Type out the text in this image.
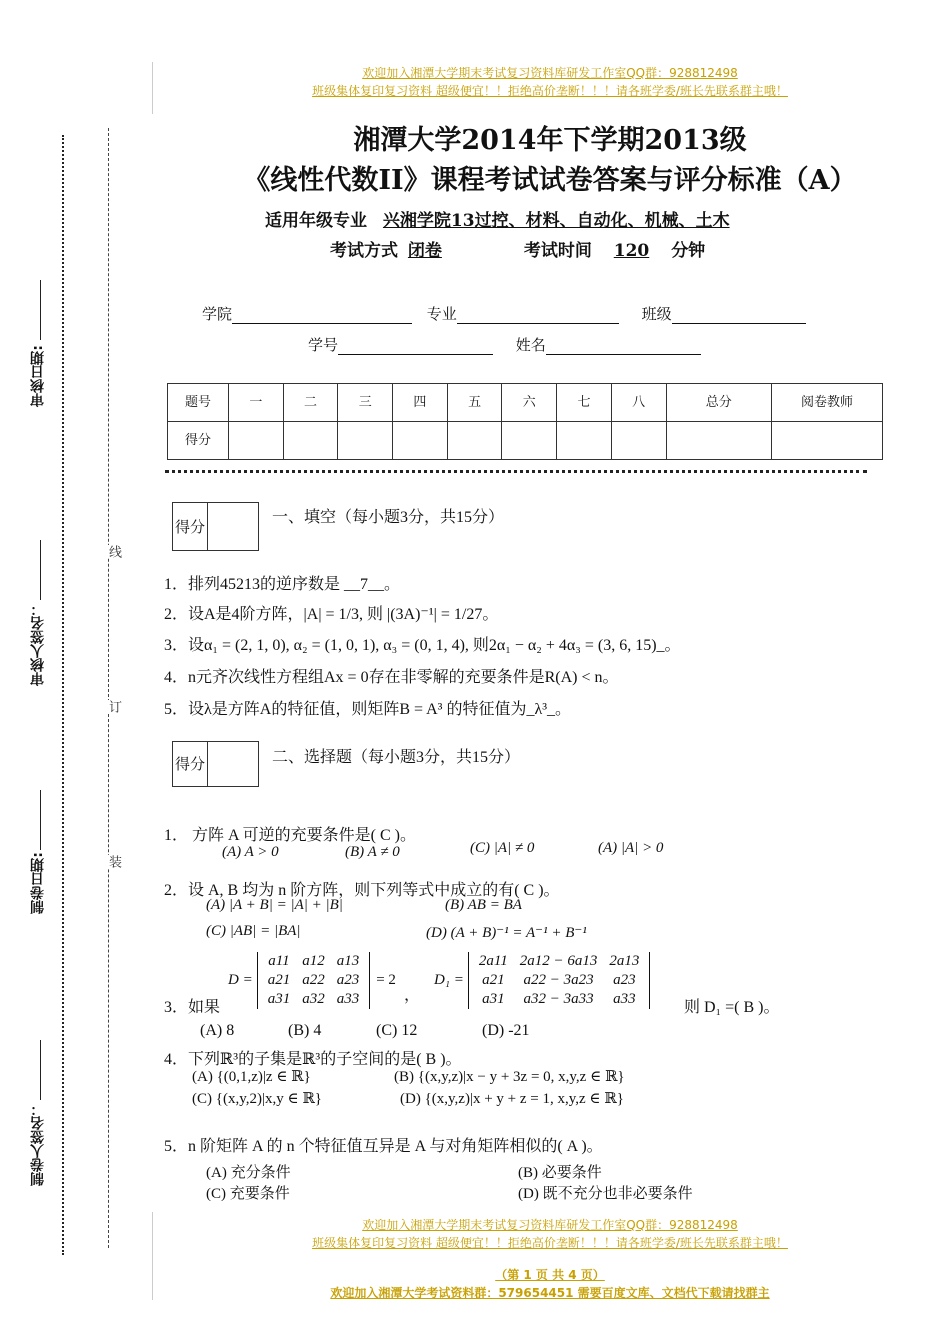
审核日期:
审核人签名：
制卷日期:
制卷人签名：
线
订
装
欢迎加入湘潭大学期末考试复习资料库研发工作室QQ群：928812498
班级集体复印复习资料 超级便宜！！拒绝高价垄断！！！请各班学委/班长先联系群主哦！
湘潭大学2014年下学期2013级
《线性代数II》课程考试试卷答案与评分标准（A）
适用年级专业 兴湘学院13过控、材料、自动化、机械、土木
考试方式 闭卷	考试时间 120 分钟
学院	专业	班级
学号	姓名
题号	一	二	三	四	五	六	七	八	总分	阅卷教师
得分										
得分	一、填空（每小题3分，共15分）
1．排列45213的逆序数是 __7__。
2．设A是4阶方阵，|A| = 1/3, 则 |(3A)⁻¹| = 1/27。
3．设α₁ = (2, 1, 0), α₂ = (1, 0, 1), α₃ = (0, 1, 4), 则2α₁ − α₂ + 4α₃ = (3, 6, 15)_。
4．n元齐次线性方程组Ax = 0存在非零解的充要条件是R(A) < n。
5．设λ是方阵A的特征值，则矩阵B = A³ 的特征值为_λ³_。
得分	二、选择题（每小题3分，共15分）
1． 方阵 A 可逆的充要条件是( C )。
(A) A > 0	(B) A ≠ 0	(C) |A| ≠ 0	(A) |A| > 0
2．设 A, B 均为 n 阶方阵，则下列等式中成立的有( C )。
(A) |A + B| = |A| + |B|	(B) AB = BA
(C) |AB| = |BA|	(D) (A + B)⁻¹ = A⁻¹ + B⁻¹
3．如果
D =
a11	a12	a13
a21	a22	a23
a31	a32	a33
= 2
，
D₁ =
2a11	2a12 − 6a13	2a13
a21	a22 − 3a23	a23
a31	a32 − 3a33	a33	则 D₁ =( B )。
(A) 8	(B) 4	(C) 12	(D) -21
4．下列ℝ³的子集是ℝ³的子空间的是( B )。
(A) {(0,1,z)|z ∈ ℝ}	(B) {(x,y,z)|x − y + 3z = 0, x,y,z ∈ ℝ}
(C) {(x,y,2)|x,y ∈ ℝ}	(D) {(x,y,z)|x + y + z = 1, x,y,z ∈ ℝ}
5．n 阶矩阵 A 的 n 个特征值互异是 A 与对角矩阵相似的( A )。
(A) 充分条件	(B) 必要条件
(C) 充要条件	(D) 既不充分也非必要条件
欢迎加入湘潭大学期末考试复习资料库研发工作室QQ群：928812498
班级集体复印复习资料 超级便宜！！拒绝高价垄断！！！请各班学委/班长先联系群主哦！
（第 1 页 共 4 页）
欢迎加入湘潭大学考试资料群：579654451 需要百度文库、文档代下载请找群主
